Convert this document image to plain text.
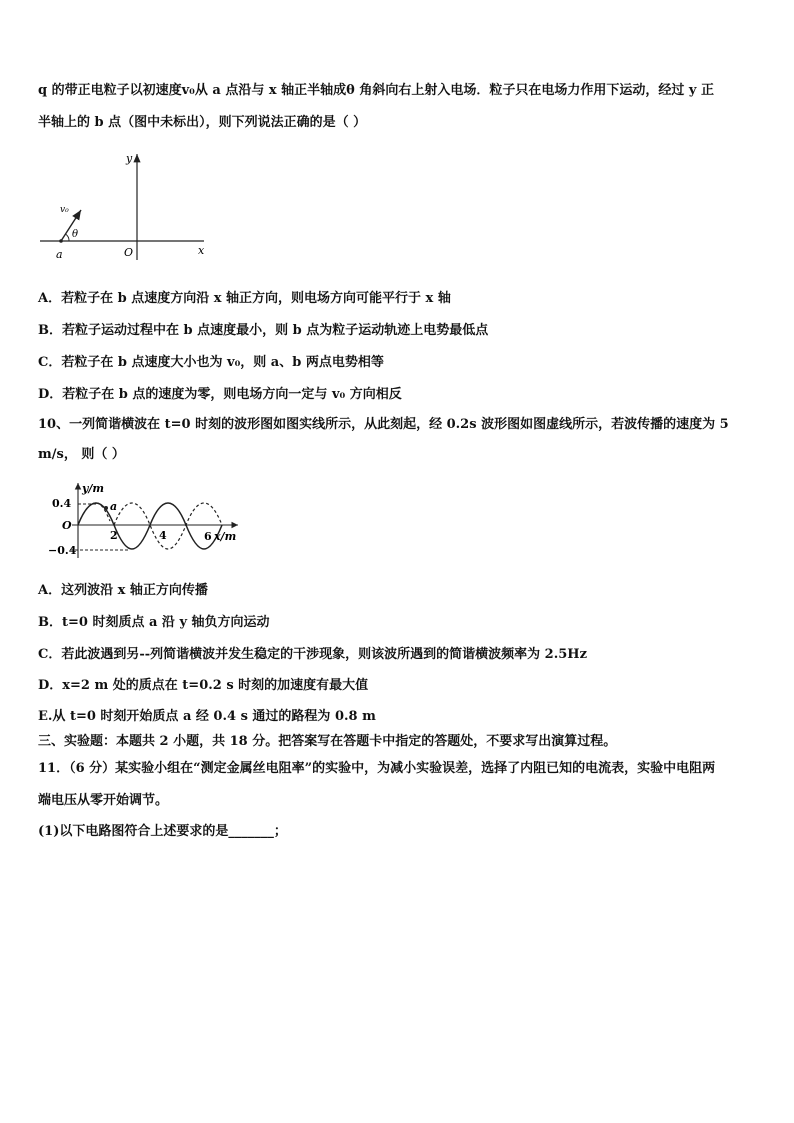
q 的带正电粒子以初速度v₀从 a 点沿与 x 轴正半轴成θ 角斜向右上射入电场．粒子只在电场力作用下运动，经过 y 正
半轴上的 b 点（图中未标出），则下列说法正确的是（ ）
y
x
O
a
v₀
θ
A．若粒子在 b 点速度方向沿 x 轴正方向，则电场方向可能平行于 x 轴
B．若粒子运动过程中在 b 点速度最小，则 b 点为粒子运动轨迹上电势最低点
C．若粒子在 b 点速度大小也为 v₀，则 a、b 两点电势相等
D．若粒子在 b 点的速度为零，则电场方向一定与 v₀ 方向相反
10、一列简谐横波在 t=0 时刻的波形图如图实线所示，从此刻起，经 0.2s 波形图如图虚线所示，若波传播的速度为 5
m/s， 则（ ）
a
y/m
x/m
O
0.4
−0.4
2	4	6
A．这列波沿 x 轴正方向传播
B．t=0 时刻质点 a 沿 y 轴负方向运动
C．若此波遇到另--列简谐横波并发生稳定的干涉现象，则该波所遇到的简谐横波频率为 2.5Hz
D．x=2 m 处的质点在 t=0.2 s 时刻的加速度有最大值
E.从 t=0 时刻开始质点 a 经 0.4 s 通过的路程为 0.8 m
三、实验题：本题共 2 小题，共 18 分。把答案写在答题卡中指定的答题处，不要求写出演算过程。
11．（6 分）某实验小组在“测定金属丝电阻率”的实验中，为减小实验误差，选择了内阻已知的电流表，实验中电阻两
端电压从零开始调节。
(1)以下电路图符合上述要求的是_______；
